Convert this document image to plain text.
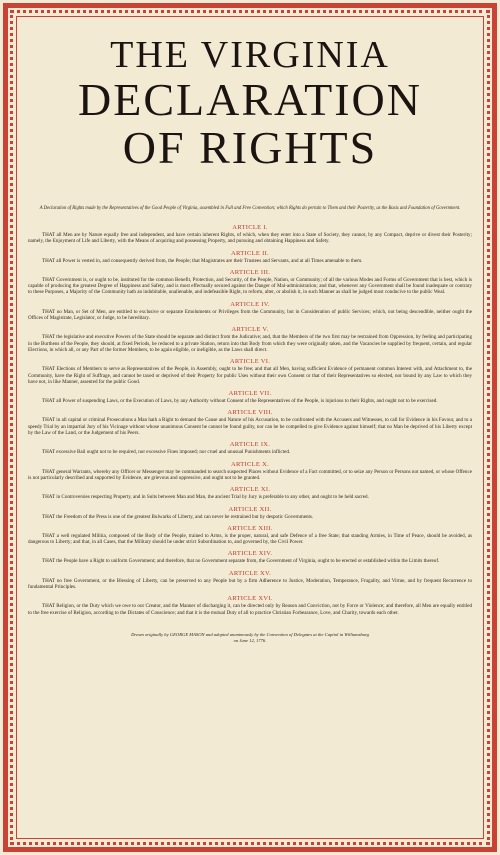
THE VIRGINIA
DECLARATION
OF RIGHTS
A Declaration of Rights made by the Representatives of the Good People of Virginia, assembled in Full and Free Convention; which Rights do pertain to Them and their Posterity, as the Basis and Foundation of Government.
ARTICLE I.

THAT all Men are by Nature equally free and independent, and have certain inherent Rights, of which, when they enter into a State of Society, they cannot, by any Compact, deprive or divest their Posterity; namely, the Enjoyment of Life and Liberty, with the Means of acquiring and possessing Property, and pursuing and obtaining Happiness and Safety.

ARTICLE II.

THAT all Power is vested in, and consequently derived from, the People; that Magistrates are their Trustees and Servants, and at all Times amenable to them.

ARTICLE III.

THAT Government is, or ought to be, instituted for the common Benefit, Protection, and Security, of the People, Nation, or Community; of all the various Modes and Forms of Government that is best, which is capable of producing the greatest Degree of Happiness and Safety, and is most effectually secured against the Danger of Mal-administration; and that, whenever any Government shall be found inadequate or contrary to these Purposes, a Majority of the Community hath an indubitable, unalienable, and indefeasible Right, to reform, alter, or abolish it, in such Manner as shall be judged most conducive to the public Weal.

ARTICLE IV.

THAT no Man, or Set of Men, are entitled to exclusive or separate Emoluments or Privileges from the Community, but in Consideration of public Services; which, not being descendible, neither ought the Offices of Magistrate, Legislator, or Judge, to be hereditary.

ARTICLE V.

THAT the legislative and executive Powers of the State should be separate and distinct from the Judicative; and, that the Members of the two first may be restrained from Oppression, by feeling and participating in the Burthens of the People, they should, at fixed Periods, be reduced to a private Station, return into that Body from which they were originally taken, and the Vacancies be supplied by frequent, certain, and regular Elections, in which all, or any Part of the former Members, to be again eligible, or ineligible, as the Laws shall direct.

ARTICLE VI.

THAT Elections of Members to serve as Representatives of the People, in Assembly, ought to be free; and that all Men, having sufficient Evidence of permanent common Interest with, and Attachment to, the Community, have the Right of Suffrage, and cannot be taxed or deprived of their Property for public Uses without their own Consent or that of their Representatives so elected, nor bound by any Law to which they have not, in like Manner, assented for the public Good.

ARTICLE VII.

THAT all Power of suspending Laws, or the Execution of Laws, by any Authority without Consent of the Representatives of the People, is injurious to their Rights, and ought not to be exercised.

ARTICLE VIII.

THAT in all capital or criminal Prosecutions a Man hath a Right to demand the Cause and Nature of his Accusation, to be confronted with the Accusers and Witnesses, to call for Evidence in his Favour, and to a speedy Trial by an impartial Jury of his Vicinage without whose unanimous Consent he cannot be found guilty, nor can he be compelled to give Evidence against himself; that no Man be deprived of his Liberty except by the Law of the Land, or the Judgement of his Peers.

ARTICLE IX.

THAT excessive Bail ought not to be required, nor excessive Fines imposed; nor cruel and unusual Punishments inflicted.

ARTICLE X.

THAT general Warrants, whereby any Officer or Messenger may be commanded to search suspected Places without Evidence of a Fact committed, or to seize any Person or Persons not named, or whose Offence is not particularly described and supported by Evidence, are grievous and oppressive, and ought not to be granted.

ARTICLE XI.

THAT in Controversies respecting Property, and in Suits between Man and Man, the ancient Trial by Jury is preferable to any other, and ought to be held sacred.

ARTICLE XII.

THAT the Freedom of the Press is one of the greatest Bulwarks of Liberty, and can never be restrained but by despotic Governments.

ARTICLE XIII.

THAT a well regulated Militia, composed of the Body of the People, trained to Arms, is the proper, natural, and safe Defence of a free State; that standing Armies, in Time of Peace, should be avoided, as dangerous to Liberty; and that, in all Cases, that the Military should be under strict Subordination to, and governed by, the Civil Power.

ARTICLE XIV.

THAT the People have a Right to uniform Government; and therefore, that no Government separate from, the Government of Virginia, ought to be erected or established within the Limits thereof.

ARTICLE XV.

THAT no free Government, or the Blessing of Liberty, can be preserved to any People but by a firm Adherence to Justice, Moderation, Temperance, Frugality, and Virtue, and by frequent Recurrence to fundamental Principles.

ARTICLE XVI.

THAT Religion, or the Duty which we owe to our Creator, and the Manner of discharging it, can be directed only by Reason and Conviction, not by Force or Violence; and therefore, all Men are equally entitled to the free exercise of Religion, according to the Dictates of Conscience; and that it is the mutual Duty of all to practice Christian Forbearance, Love, and Charity, towards each other.

Drawn originally by GEORGE MASON and adopted unanimously by the Convention of Delegates at the Capitol in Williamsburg
on June 12, 1776.
